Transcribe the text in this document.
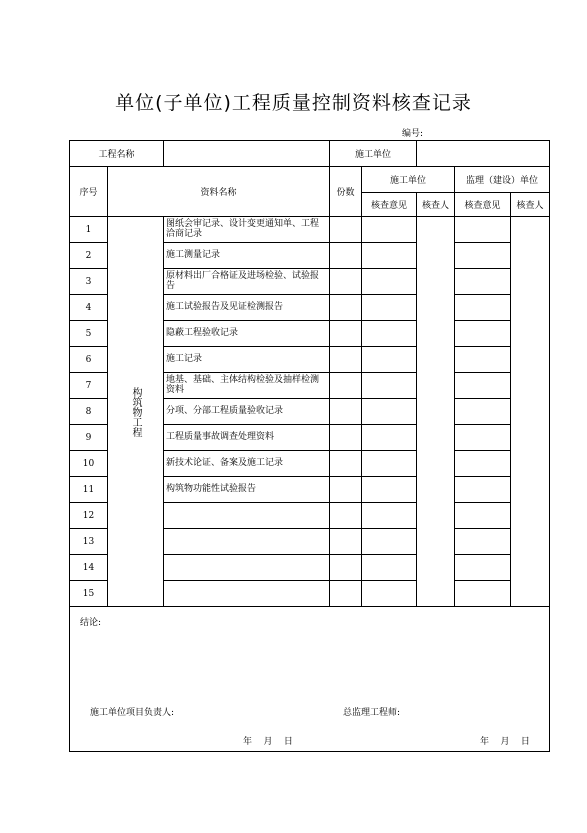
单位(子单位)工程质量控制资料核查记录
编号:
工程名称			施工单位				
序号	资料名称		份数	施工单位		监理（建设）单位	
				核查意见	核查人	核查意见	核查人
1	构筑物工程	图纸会审记录、设计变更通知单、工程洽商记录					
2		施工测量记录					
3		原材料出厂合格证及进场检验、试验报告					
4		施工试验报告及见证检测报告					
5		隐蔽工程验收记录					
6		施工记录					
7		地基、基础、主体结构检验及抽样检测资料					
8		分项、分部工程质量验收记录					
9		工程质量事故调查处理资料					
10		新技术论证、备案及施工记录					
11		构筑物功能性试验报告					
12							
13							
14							
15							

结论:
施工单位项目负责人: 总监理工程师:
年    月    日 年    月    日							
